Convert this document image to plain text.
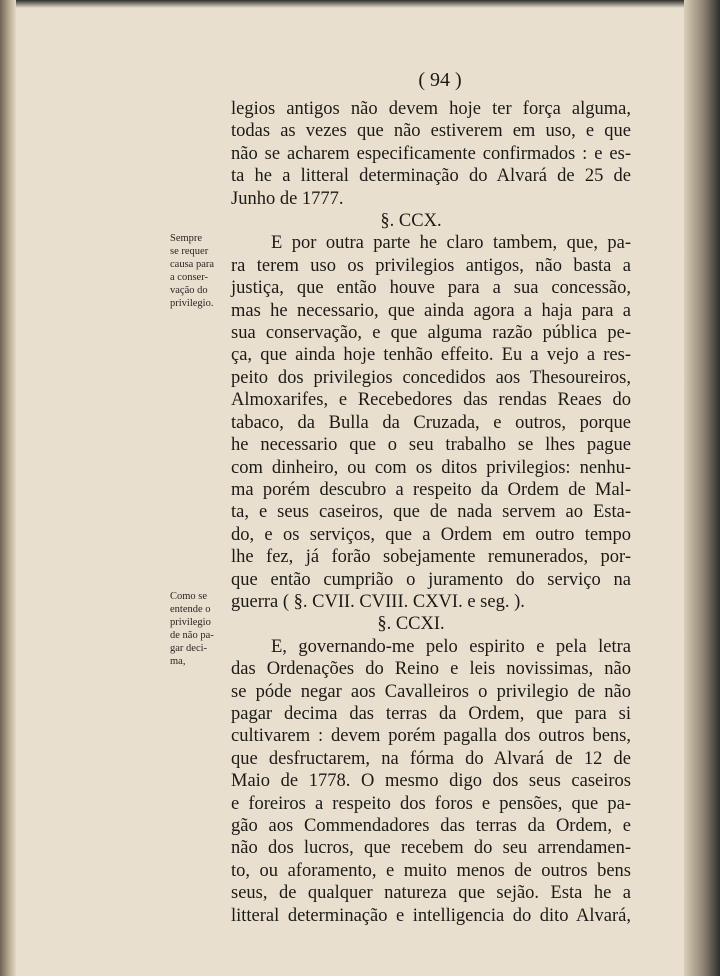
( 94 )
Sempre
se requer
causa para
a conser-
vação do
privilegio.
Como se
entende o
privilegio
de não pa-
gar deci-
ma,
legios antigos não devem hoje ter força alguma,
todas as vezes que não estiverem em uso, e que
não se acharem especificamente confirmados : e es-
ta he a litteral determinação do Alvará de 25 de
Junho de 1777.
§. CCX.
E por outra parte he claro tambem, que, pa-
ra terem uso os privilegios antigos, não basta a
justiça, que então houve para a sua concessão,
mas he necessario, que ainda agora a haja para a
sua conservação, e que alguma razão pública pe-
ça, que ainda hoje tenhão effeito. Eu a vejo a res-
peito dos privilegios concedidos aos Thesoureiros,
Almoxarifes, e Recebedores das rendas Reaes do
tabaco, da Bulla da Cruzada, e outros, porque
he necessario que o seu trabalho se lhes pague
com dinheiro, ou com os ditos privilegios: nenhu-
ma porém descubro a respeito da Ordem de Mal-
ta, e seus caseiros, que de nada servem ao Esta-
do, e os serviços, que a Ordem em outro tempo
lhe fez, já forão sobejamente remunerados, por-
que então cumprião o juramento do serviço na
guerra ( §. CVII. CVIII. CXVI. e seg. ).
§. CCXI.
E, governando-me pelo espirito e pela letra
das Ordenações do Reino e leis novissimas, não
se póde negar aos Cavalleiros o privilegio de não
pagar decima das terras da Ordem, que para si
cultivarem : devem porém pagalla dos outros bens,
que desfructarem, na fórma do Alvará de 12 de
Maio de 1778. O mesmo digo dos seus caseiros
e foreiros a respeito dos foros e pensões, que pa-
gão aos Commendadores das terras da Ordem, e
não dos lucros, que recebem do seu arrendamen-
to, ou aforamento, e muito menos de outros bens
seus, de qualquer natureza que sejão. Esta he a
litteral determinação e intelligencia do dito Alvará,
